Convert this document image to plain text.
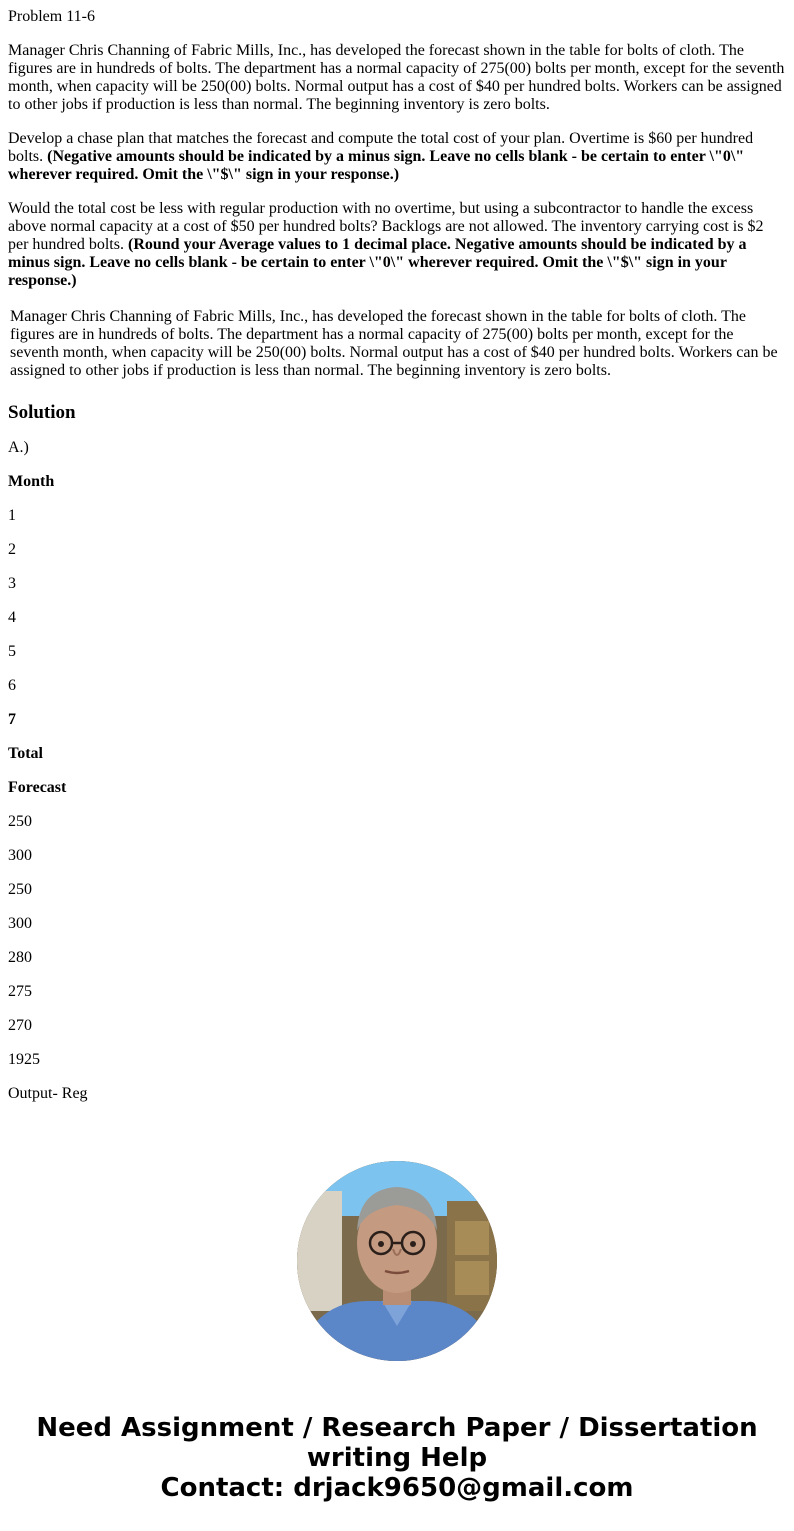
Problem 11-6

Manager Chris Channing of Fabric Mills, Inc., has developed the forecast shown in the table for bolts of cloth. The figures are in hundreds of bolts. The department has a normal capacity of 275(00) bolts per month, except for the seventh month, when capacity will be 250(00) bolts. Normal output has a cost of $40 per hundred bolts. Workers can be assigned to other jobs if production is less than normal. The beginning inventory is zero bolts.

Develop a chase plan that matches the forecast and compute the total cost of your plan. Overtime is $60 per hundred bolts. (Negative amounts should be indicated by a minus sign. Leave no cells blank - be certain to enter \"0\" wherever required. Omit the \"$\" sign in your response.)

Would the total cost be less with regular production with no overtime, but using a subcontractor to handle the excess above normal capacity at a cost of $50 per hundred bolts? Backlogs are not allowed. The inventory carrying cost is $2 per hundred bolts. (Round your Average values to 1 decimal place. Negative amounts should be indicated by a minus sign. Leave no cells blank - be certain to enter \"0\" wherever required. Omit the \"$\" sign in your response.)

Manager Chris Channing of Fabric Mills, Inc., has developed the forecast shown in the table for bolts of cloth. The figures are in hundreds of bolts. The department has a normal capacity of 275(00) bolts per month, except for the seventh month, when capacity will be 250(00) bolts. Normal output has a cost of $40 per hundred bolts. Workers can be assigned to other jobs if production is less than normal. The beginning inventory is zero bolts.
Solution

A.)

Month

1

2

3

4

5

6

7

Total

Forecast

250

300

250

300

280

275

270

1925

Output- Reg

Need Assignment / Research Paper / Dissertation
writing Help
Contact: drjack9650@gmail.com
